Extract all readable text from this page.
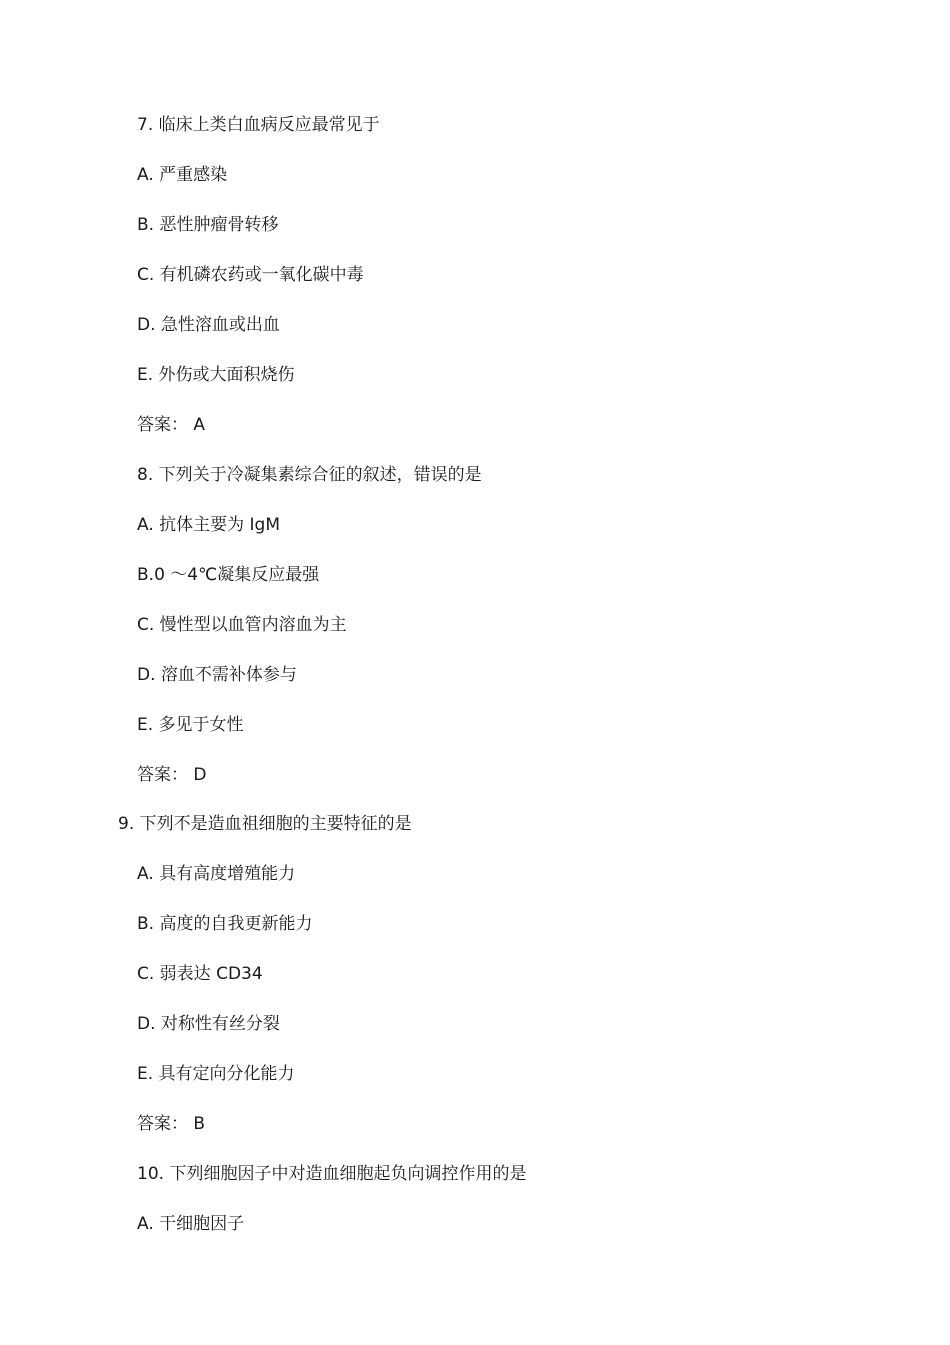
7. 临床上类白血病反应最常见于
A. 严重感染
B. 恶性肿瘤骨转移
C. 有机磷农药或一氧化碳中毒
D. 急性溶血或出血
E. 外伤或大面积烧伤
答案： A
8. 下列关于冷凝集素综合征的叙述，错误的是
A. 抗体主要为 IgM
B.0 ～4℃凝集反应最强
C. 慢性型以血管内溶血为主
D. 溶血不需补体参与
E. 多见于女性
答案： D
9. 下列不是造血祖细胞的主要特征的是
A. 具有高度增殖能力
B. 高度的自我更新能力
C. 弱表达 CD34
D. 对称性有丝分裂
E. 具有定向分化能力
答案： B
10. 下列细胞因子中对造血细胞起负向调控作用的是
A. 干细胞因子
